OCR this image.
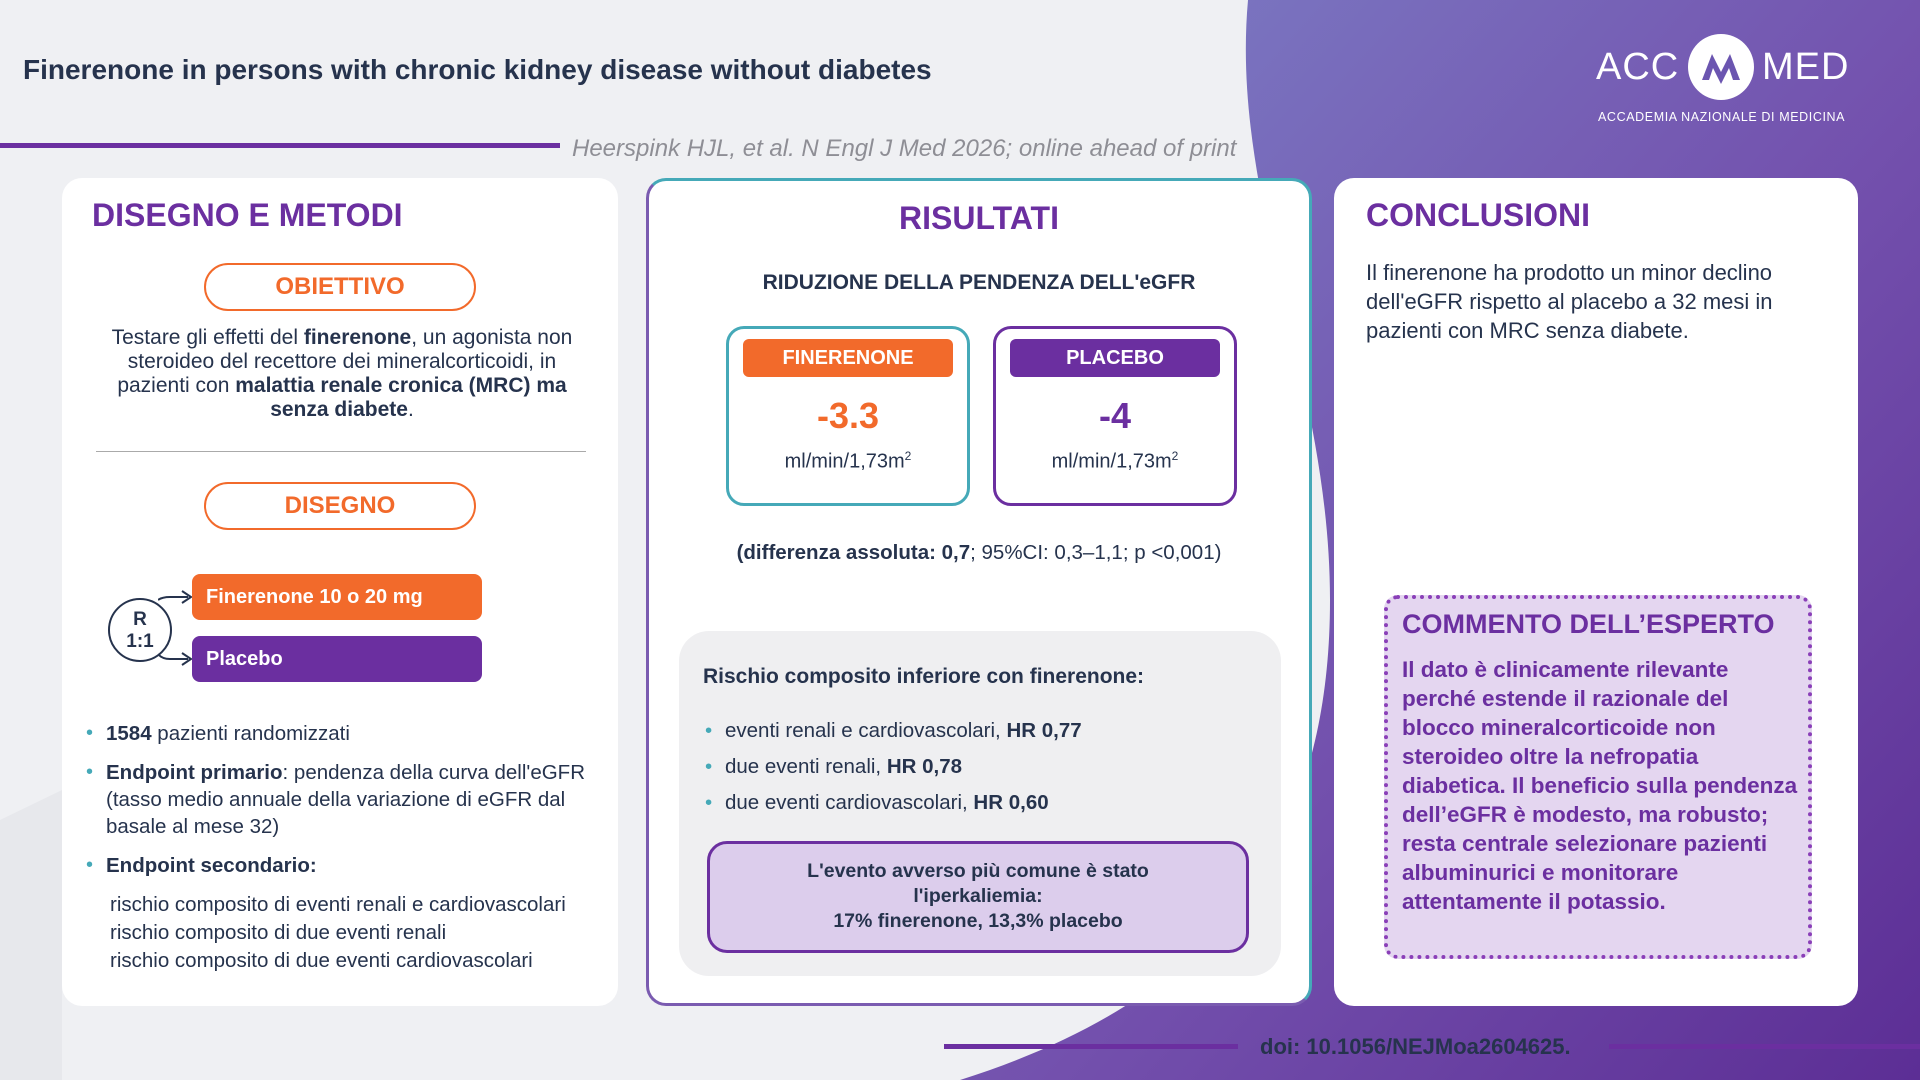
Finerenone in persons with chronic kidney disease without diabetes
Heerspink HJL, et al. N Engl J Med 2026; online ahead of print
ACC MED
ACCADEMIA NAZIONALE DI MEDICINA
DISEGNO E METODI
OBIETTIVO
Testare gli effetti del finerenone, un agonista non steroideo del recettore dei mineralcorticoidi, in pazienti con malattia renale cronica (MRC) ma senza diabete.
DISEGNO
R
1:1
Finerenone 10 o 20 mg
Placebo
• 1584 pazienti randomizzati
• Endpoint primario: pendenza della curva dell'eGFR (tasso medio annuale della variazione di eGFR dal basale al mese 32)
• Endpoint secondario:
rischio composito di eventi renali e cardiovascolari
rischio composito di due eventi renali
rischio composito di due eventi cardiovascolari
RISULTATI
RIDUZIONE DELLA PENDENZA DELL'eGFR
FINERENONE
-3.3
$ml/\min/1,73m^2$
PLACEBO
-4
$ml/\min/1,73m^2$
(differenza assoluta: 0,7; 95%CI: 0,3–1,1; p <0,001)
Rischio composito inferiore con finerenone:
• eventi renali e cardiovascolari, HR 0,77
• due eventi renali, HR 0,78
• due eventi cardiovascolari, HR 0,60
L'evento avverso più comune è stato
l'iperkaliemia:
17% finerenone, 13,3% placebo
CONCLUSIONI
Il finerenone ha prodotto un minor declino dell'eGFR rispetto al placebo a 32 mesi in pazienti con MRC senza diabete.
COMMENTO DELL’ESPERTO
Il dato è clinicamente rilevante perché estende il razionale del blocco mineralcorticoide non steroideo oltre la nefropatia diabetica. Il beneficio sulla pendenza dell’eGFR è modesto, ma robusto; resta centrale selezionare pazienti albuminurici e monitorare attentamente il potassio.
doi: 10.1056/NEJMoa2604625.
